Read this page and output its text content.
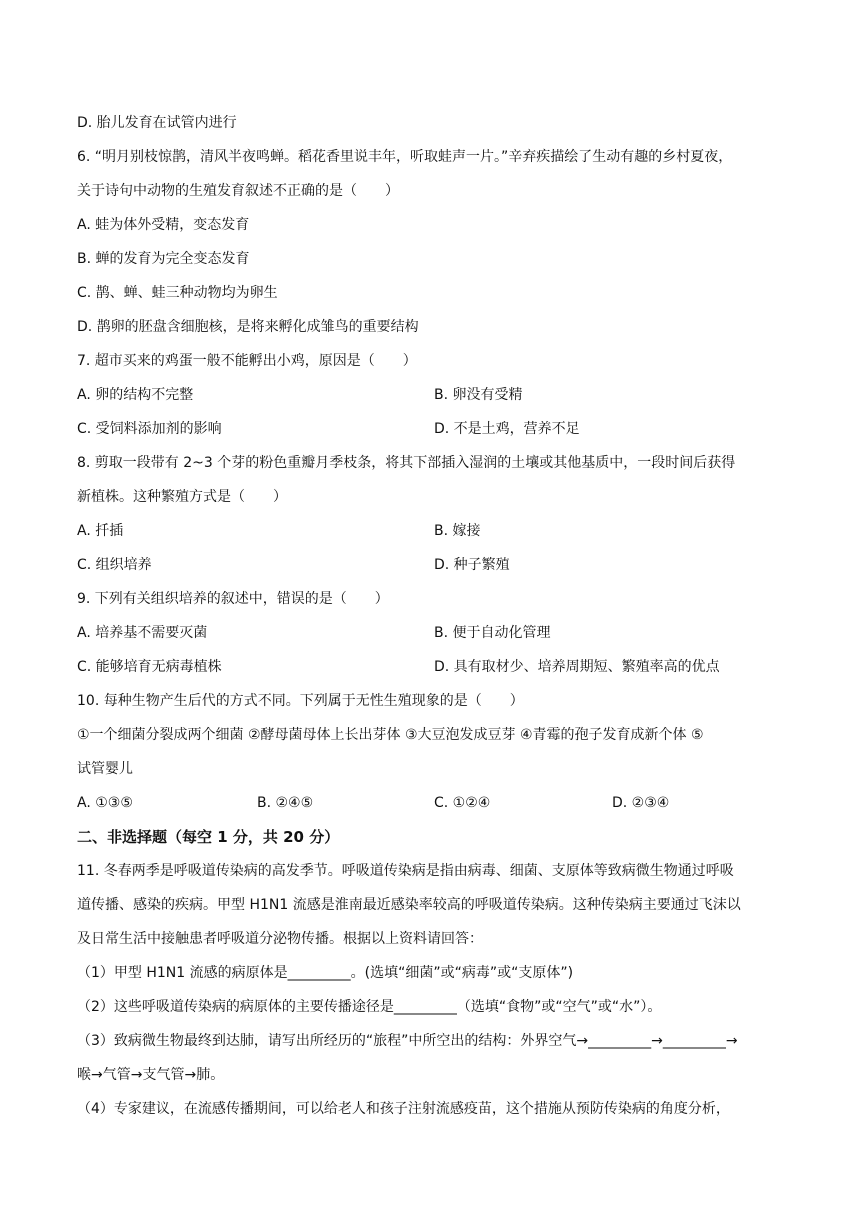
D. 胎儿发育在试管内进行
6. “明月别枝惊鹊，清风半夜鸣蝉。稻花香里说丰年，听取蛙声一片。”辛弃疾描绘了生动有趣的乡村夏夜，
关于诗句中动物的生殖发育叙述不正确的是（　　）
A. 蛙为体外受精，变态发育
B. 蝉的发育为完全变态发育
C. 鹊、蝉、蛙三种动物均为卵生
D. 鹊卵的胚盘含细胞核，是将来孵化成雏鸟的重要结构
7. 超市买来的鸡蛋一般不能孵出小鸡，原因是（　　）
A. 卵的结构不完整	B. 卵没有受精
C. 受饲料添加剂的影响	D. 不是土鸡，营养不足
8. 剪取一段带有 2~3 个芽的粉色重瓣月季枝条，将其下部插入湿润的土壤或其他基质中，一段时间后获得
新植株。这种繁殖方式是（　　）
A. 扦插	B. 嫁接
C. 组织培养	D. 种子繁殖
9. 下列有关组织培养的叙述中，错误的是（　　）
A. 培养基不需要灭菌	B. 便于自动化管理
C. 能够培育无病毒植株	D. 具有取材少、培养周期短、繁殖率高的优点
10. 每种生物产生后代的方式不同。下列属于无性生殖现象的是（　　）
①一个细菌分裂成两个细菌 ②酵母菌母体上长出芽体 ③大豆泡发成豆芽 ④青霉的孢子发育成新个体 ⑤
试管婴儿
A. ①③⑤	B. ②④⑤	C. ①②④	D. ②③④
二、非选择题（每空 1 分，共 20 分）
11. 冬春两季是呼吸道传染病的高发季节。呼吸道传染病是指由病毒、细菌、支原体等致病微生物通过呼吸
道传播、感染的疾病。甲型 H1N1 流感是淮南最近感染率较高的呼吸道传染病。这种传染病主要通过飞沫以
及日常生活中接触患者呼吸道分泌物传播。根据以上资料请回答：
（1）甲型 H1N1 流感的病原体是_________。(选填“细菌”或“病毒”或“支原体”)
（2）这些呼吸道传染病的病原体的主要传播途径是_________（选填“食物”或“空气”或“水”）。
（3）致病微生物最终到达肺，请写出所经历的“旅程”中所空出的结构：外界空气→_________→_________→
喉→气管→支气管→肺。
（4）专家建议，在流感传播期间，可以给老人和孩子注射流感疫苗，这个措施从预防传染病的角度分析，
